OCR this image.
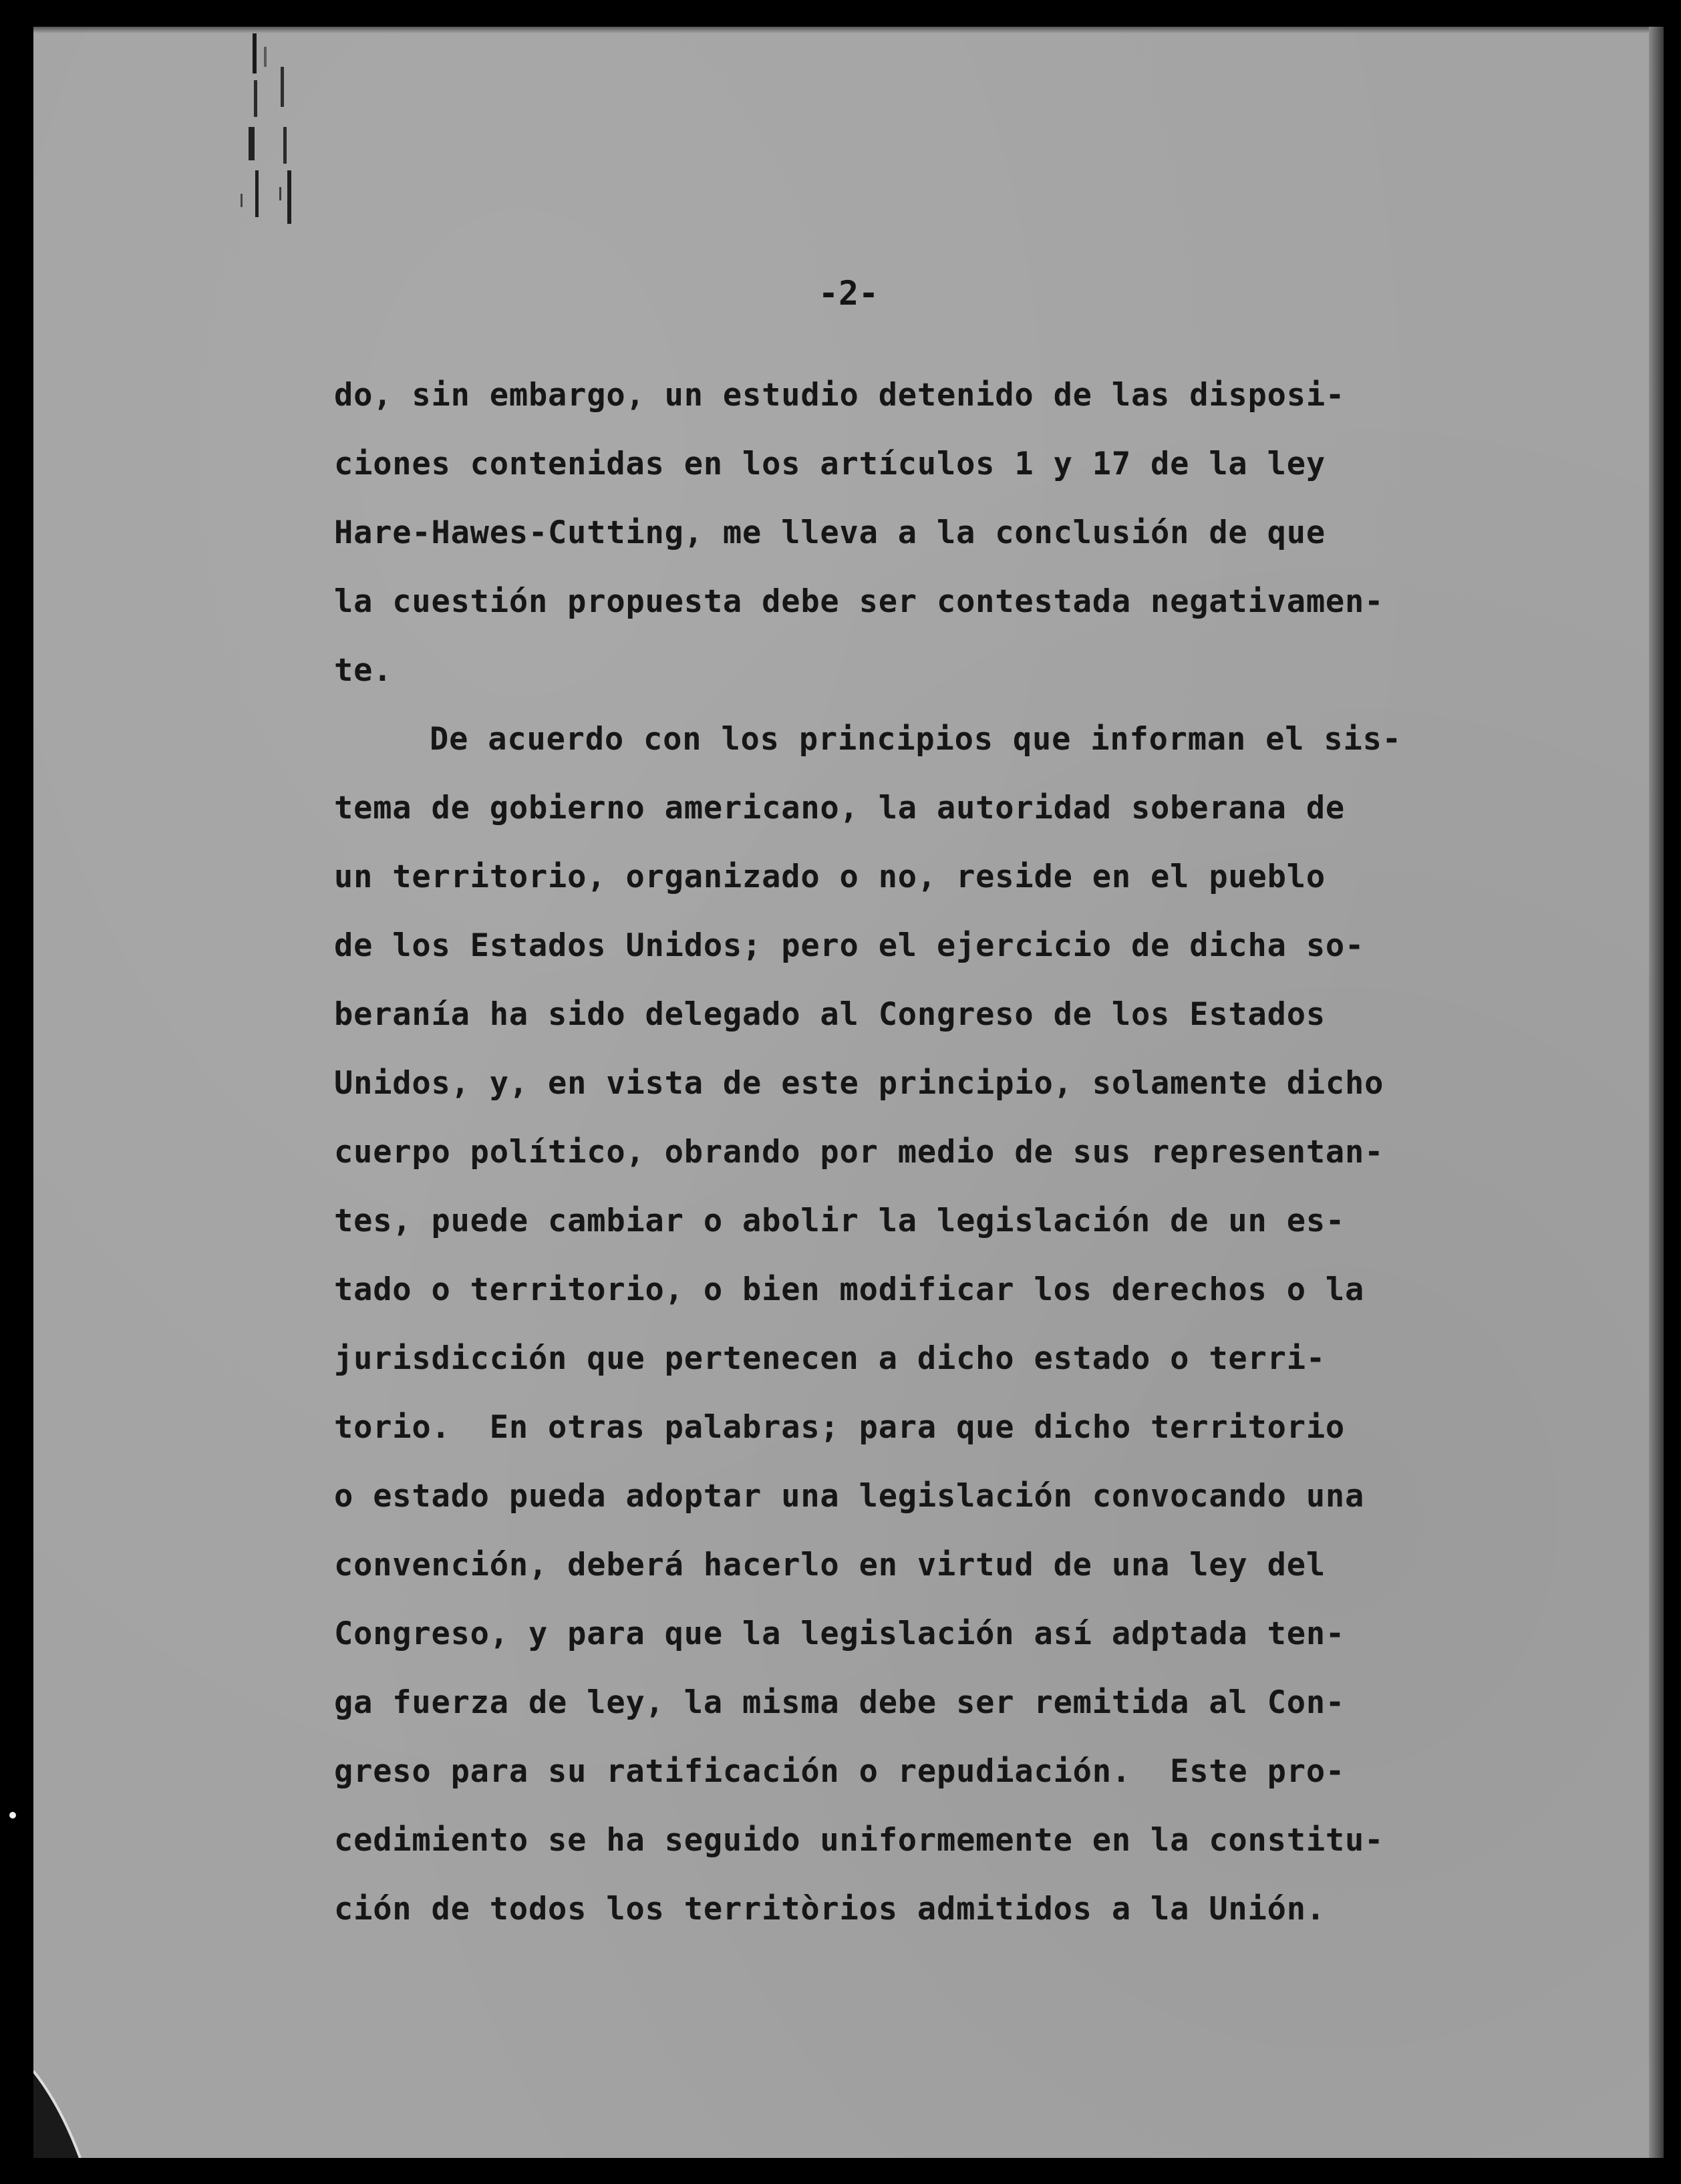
-2-
do, sin embargo, un estudio detenido de las disposi-
ciones contenidas en los artículos 1 y 17 de la ley
Hare-Hawes-Cutting, me lleva a la conclusión de que
la cuestión propuesta debe ser contestada negativamen-
te.
De acuerdo con los principios que informan el sis-
tema de gobierno americano, la autoridad soberana de
un territorio, organizado o no, reside en el pueblo
de los Estados Unidos; pero el ejercicio de dicha so-
beranía ha sido delegado al Congreso de los Estados
Unidos, y, en vista de este principio, solamente dicho
cuerpo político, obrando por medio de sus representan-
tes, puede cambiar o abolir la legislación de un es-
tado o territorio, o bien modificar los derechos o la
jurisdicción que pertenecen a dicho estado o terri-
torio.  En otras palabras; para que dicho territorio
o estado pueda adoptar una legislación convocando una
convención, deberá hacerlo en virtud de una ley del
Congreso, y para que la legislación así adptada ten-
ga fuerza de ley, la misma debe ser remitida al Con-
greso para su ratificación o repudiación.  Este pro-
cedimiento se ha seguido uniformemente en la constitu-
ción de todos los territòrios admitidos a la Unión.
